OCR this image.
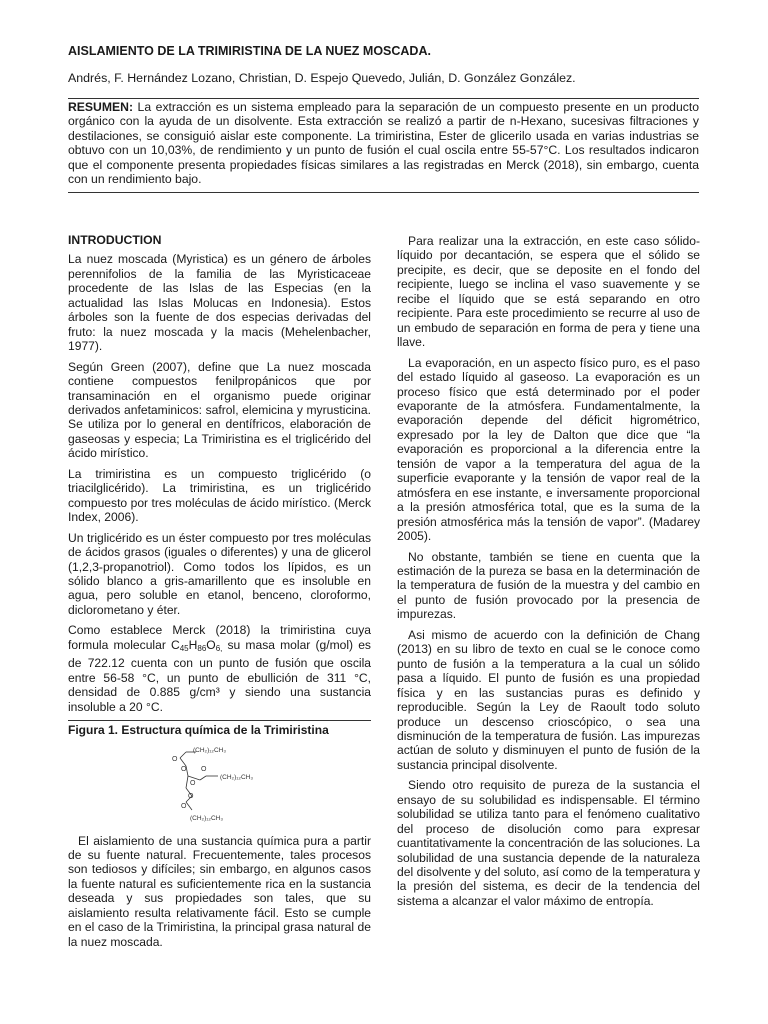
AISLAMIENTO DE LA TRIMIRISTINA DE LA NUEZ MOSCADA.

Andrés, F. Hernández Lozano, Christian, D. Espejo Quevedo, Julián, D. González González.

RESUMEN: La extracción es un sistema empleado para la separación de un compuesto presente en un producto orgánico con la ayuda de un disolvente. Esta extracción se realizó a partir de n-Hexano, sucesivas filtraciones y destilaciones, se consiguió aislar este componente. La trimiristina, Ester de glicerilo usada en varias industrias se obtuvo con un 10,03%, de rendimiento y un punto de fusión el cual oscila entre 55-57°C. Los resultados indicaron que el componente presenta propiedades físicas similares a las registradas en Merck (2018), sin embargo, cuenta con un rendimiento bajo.
INTRODUCTION

La nuez moscada (Myristica) es un género de árboles perennifolios de la familia de las Myristicaceae procedente de las Islas de las Especias (en la actualidad las Islas Molucas en Indonesia). Estos árboles son la fuente de dos especias derivadas del fruto: la nuez moscada y la macis (Mehelenbacher, 1977).

Según Green (2007), define que La nuez moscada contiene compuestos fenilpropánicos que por transaminación en el organismo puede originar derivados anfetaminicos: safrol, elemicina y myrusticina. Se utiliza por lo general en dentífricos, elaboración de gaseosas y especia; La Trimiristina es el triglicérido del ácido mirístico.

La trimiristina es un compuesto triglicérido (o triacilglicérido). La trimiristina, es un triglicérido compuesto por tres moléculas de ácido mirístico. (Merck Index, 2006).

Un triglicérido es un éster compuesto por tres moléculas de ácidos grasos (iguales o diferentes) y una de glicerol (1,2,3-propanotriol). Como todos los lípidos, es un sólido blanco a gris-amarillento que es insoluble en agua, pero soluble en etanol, benceno, cloroformo, diclorometano y éter.

Como establece Merck (2018) la trimiristina cuya formula molecular $C_{45}H_{86}O_{6,}$ su masa molar (g/mol) es de 722.12 cuenta con un punto de fusión que oscila entre 56-58 °C, un punto de ebullición de 311 °C, densidad de 0.885 g/cm³ y siendo una sustancia insoluble a 20 °C.

Figura 1. Estructura química de la Trimiristina
(CH₂)₁₂CH₃
O
O O
O
(CH₂)₁₂CH₃
O
O
(CH₂)₁₂CH₃

El aislamiento de una sustancia química pura a partir de su fuente natural. Frecuentemente, tales procesos son tediosos y difíciles; sin embargo, en algunos casos la fuente natural es suficientemente rica en la sustancia deseada y sus propiedades son tales, que su aislamiento resulta relativamente fácil. Esto se cumple en el caso de la Trimiristina, la principal grasa natural de la nuez moscada.

Para realizar una la extracción, en este caso sólido-líquido por decantación, se espera que el sólido se precipite, es decir, que se deposite en el fondo del recipiente, luego se inclina el vaso suavemente y se recibe el líquido que se está separando en otro recipiente. Para este procedimiento se recurre al uso de un embudo de separación en forma de pera y tiene una llave.

La evaporación, en un aspecto físico puro, es el paso del estado líquido al gaseoso. La evaporación es un proceso físico que está determinado por el poder evaporante de la atmósfera. Fundamentalmente, la evaporación depende del déficit higrométrico, expresado por la ley de Dalton que dice que “la evaporación es proporcional a la diferencia entre la tensión de vapor a la temperatura del agua de la superficie evaporante y la tensión de vapor real de la atmósfera en ese instante, e inversamente proporcional a la presión atmosférica total, que es la suma de la presión atmosférica más la tensión de vapor”. (Madarey 2005).

No obstante, también se tiene en cuenta que la estimación de la pureza se basa en la determinación de la temperatura de fusión de la muestra y del cambio en el punto de fusión provocado por la presencia de impurezas.

Asi mismo de acuerdo con la definición de Chang (2013) en su libro de texto en cual se le conoce como punto de fusión a la temperatura a la cual un sólido pasa a líquido. El punto de fusión es una propiedad física y en las sustancias puras es definido y reproducible. Según la Ley de Raoult todo soluto produce un descenso crioscópico, o sea una disminución de la temperatura de fusión. Las impurezas actúan de soluto y disminuyen el punto de fusión de la sustancia principal disolvente.

Siendo otro requisito de pureza de la sustancia el ensayo de su solubilidad es indispensable. El término solubilidad se utiliza tanto para el fenómeno cualitativo del proceso de disolución como para expresar cuantitativamente la concentración de las soluciones. La solubilidad de una sustancia depende de la naturaleza del disolvente y del soluto, así como de la temperatura y la presión del sistema, es decir de la tendencia del sistema a alcanzar el valor máximo de entropía.
